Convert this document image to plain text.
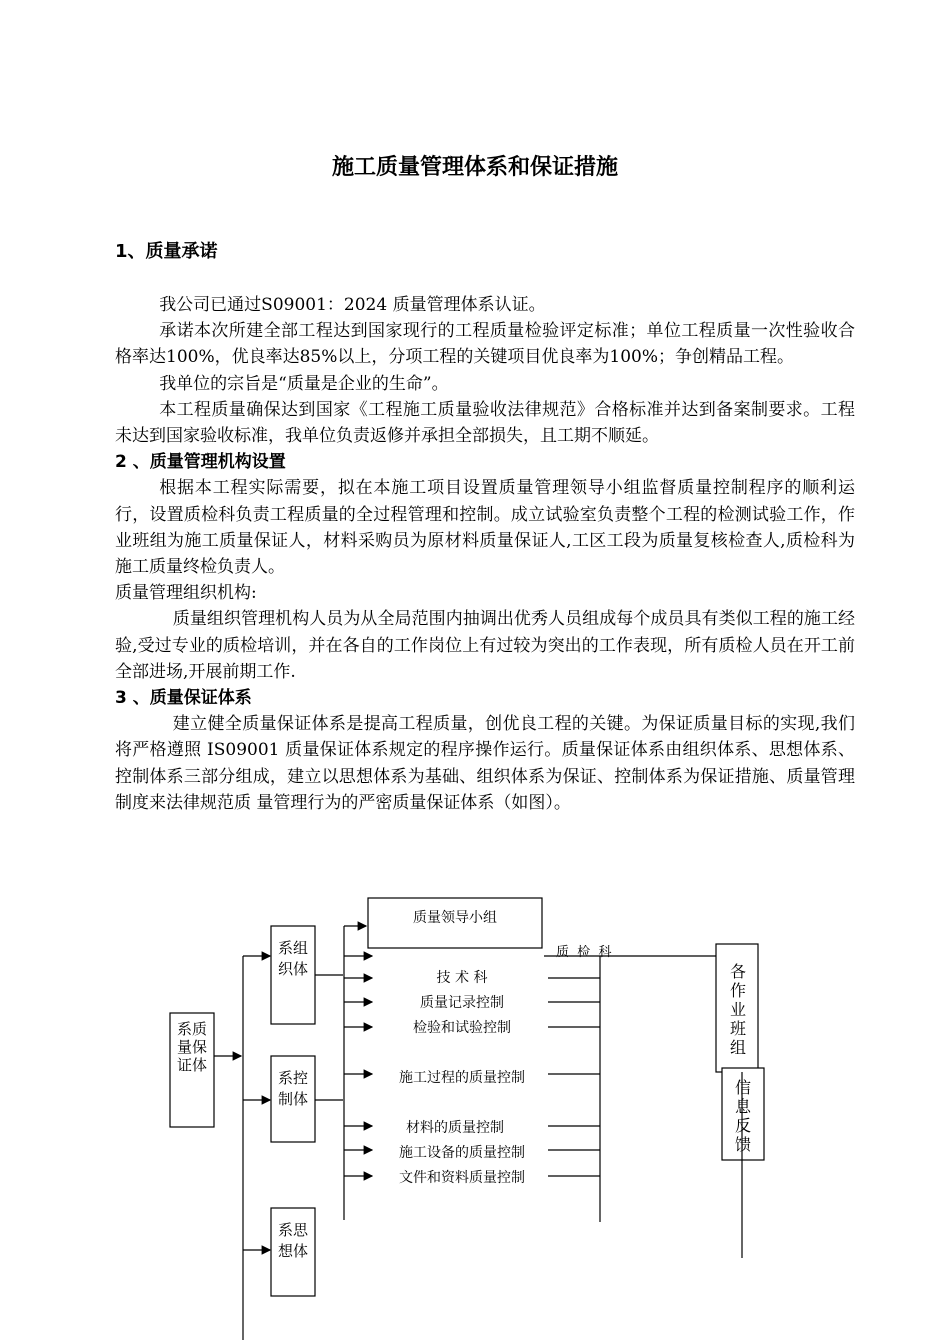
施工质量管理体系和保证措施
1、质量承诺

我公司已通过S09001：2024 质量管理体系认证。

承诺本次所建全部工程达到国家现行的工程质量检验评定标准；单位工程质量一次性验收合格率达100%，优良率达85%以上，分项工程的关键项目优良率为100%；争创精品工程。

我单位的宗旨是“质量是企业的生命”。

本工程质量确保达到国家《工程施工质量验收法律规范》合格标准并达到备案制要求。工程未达到国家验收标准，我单位负责返修并承担全部损失，且工期不顺延。

2 、质量管理机构设置

根据本工程实际需要，拟在本施工项目设置质量管理领导小组监督质量控制程序的顺利运行，设置质检科负责工程质量的全过程管理和控制。成立试验室负责整个工程的检测试验工作，作业班组为施工质量保证人，材料采购员为原材料质量保证人,工区工段为质量复核检查人,质检科为施工质量终检负责人。

质量管理组织机构:

质量组织管理机构人员为从全局范围内抽调出优秀人员组成每个成员具有类似工程的施工经验,受过专业的质检培训，并在各自的工作岗位上有过较为突出的工作表现，所有质检人员在开工前全部进场,开展前期工作.

3 、质量保证体系

建立健全质量保证体系是提高工程质量，创优良工程的关键。为保证质量目标的实现,我们将严格遵照 IS09001 质量保证体系规定的程序操作运行。质量保证体系由组织体系、思想体系、控制体系三部分组成，建立以思想体系为基础、组织体系为保证、控制体系为保证措施、质量管理制度来法律规范质 量管理行为的严密质量保证体系（如图）。

质量领导小组
质  检  科
技 术 科
质量记录控制
检验和试验控制
施工过程的质量控制
材料的质量控制
施工设备的质量控制
文件和资料质量控制
系质量保证体
系组织体
系控制体
系思想体
各作业班组
信息反馈
